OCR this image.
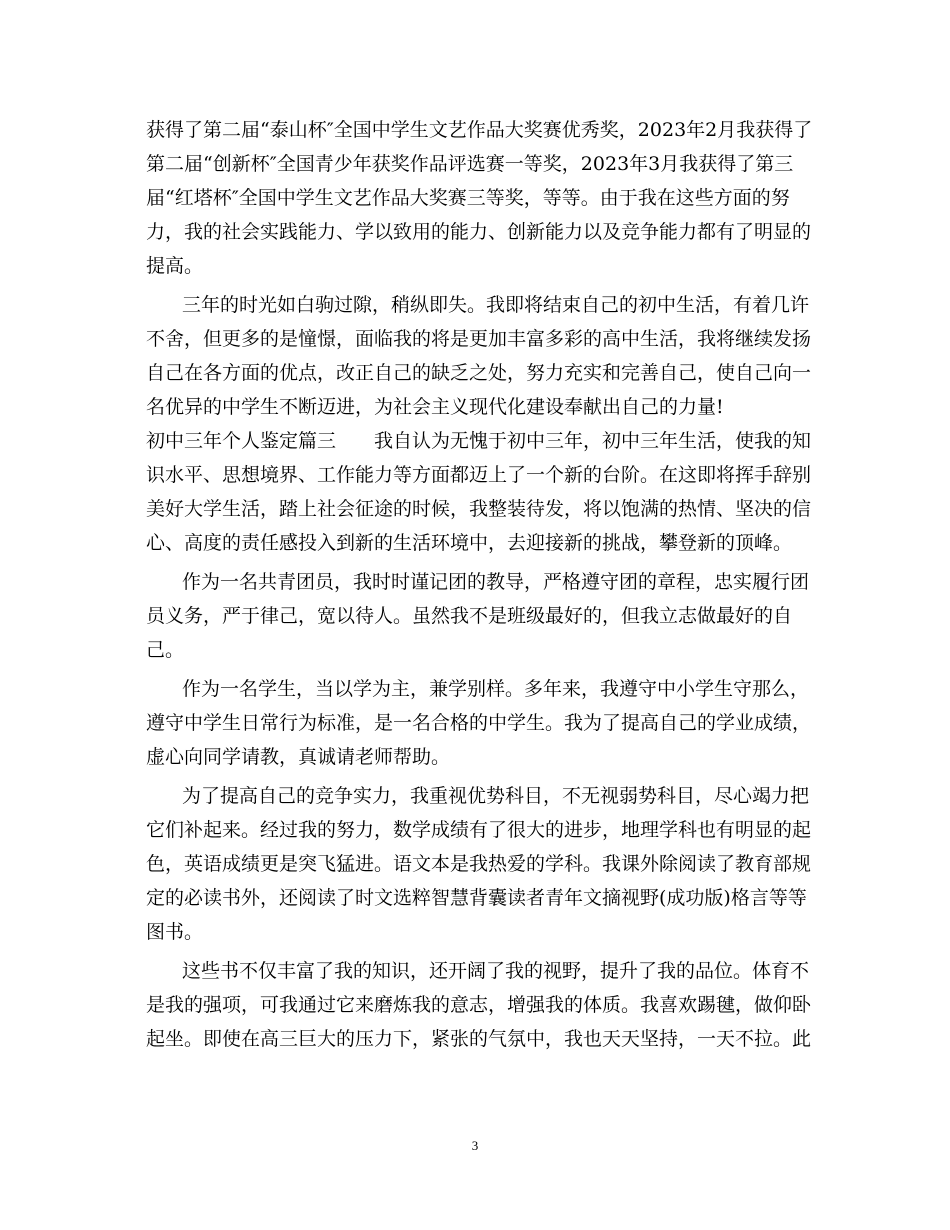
获得了第二届“泰山杯″全国中学生文艺作品大奖赛优秀奖，2023年2月我获得了
第二届“创新杯″全国青少年获奖作品评选赛一等奖，2023年3月我获得了第三
届“红塔杯″全国中学生文艺作品大奖赛三等奖，等等。由于我在这些方面的努
力，我的社会实践能力、学以致用的能力、创新能力以及竞争能力都有了明显的
提高。
三年的时光如白驹过隙，稍纵即失。我即将结束自己的初中生活，有着几许
不舍，但更多的是憧憬，面临我的将是更加丰富多彩的高中生活，我将继续发扬
自己在各方面的优点，改正自己的缺乏之处，努力充实和完善自己，使自己向一
名优异的中学生不断迈进，为社会主义现代化建设奉献出自己的力量!
初中三年个人鉴定篇三　　我自认为无愧于初中三年，初中三年生活，使我的知
识水平、思想境界、工作能力等方面都迈上了一个新的台阶。在这即将挥手辞别
美好大学生活，踏上社会征途的时候，我整装待发，将以饱满的热情、坚决的信
心、高度的责任感投入到新的生活环境中，去迎接新的挑战，攀登新的顶峰。
作为一名共青团员，我时时谨记团的教导，严格遵守团的章程，忠实履行团
员义务，严于律己，宽以待人。虽然我不是班级最好的，但我立志做最好的自
己。
作为一名学生，当以学为主，兼学别样。多年来，我遵守中小学生守那么，
遵守中学生日常行为标准，是一名合格的中学生。我为了提高自己的学业成绩，
虚心向同学请教，真诚请老师帮助。
为了提高自己的竞争实力，我重视优势科目，不无视弱势科目，尽心竭力把
它们补起来。经过我的努力，数学成绩有了很大的进步，地理学科也有明显的起
色，英语成绩更是突飞猛进。语文本是我热爱的学科。我课外除阅读了教育部规
定的必读书外，还阅读了时文选粹智慧背囊读者青年文摘视野(成功版)格言等等
图书。
这些书不仅丰富了我的知识，还开阔了我的视野，提升了我的品位。体育不
是我的强项，可我通过它来磨炼我的意志，增强我的体质。我喜欢踢毽，做仰卧
起坐。即使在高三巨大的压力下，紧张的气氛中，我也天天坚持，一天不拉。此
3
